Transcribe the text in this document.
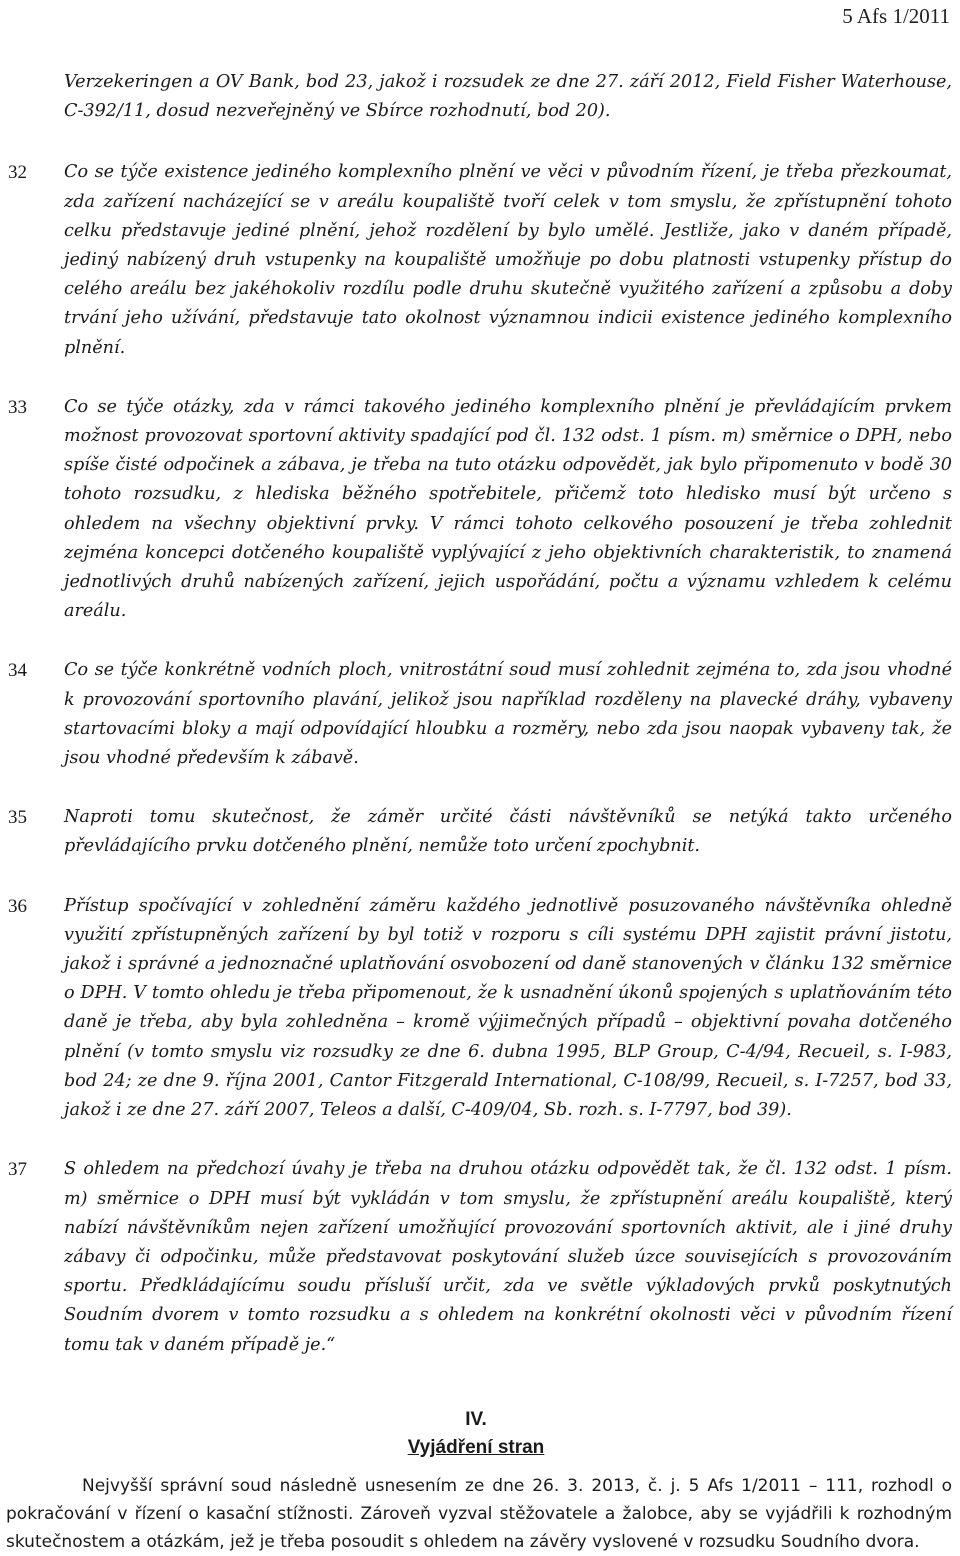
5 Afs 1/2011

Verzekeringen a OV Bank, bod 23, jakož i rozsudek ze dne 27. září 2012, Field Fisher Waterhouse, C-392/11, dosud nezveřejněný ve Sbírce rozhodnutí, bod 20).

32 Co se týče existence jediného komplexního plnění ve věci v původním řízení, je třeba přezkoumat, zda zařízení nacházející se v areálu koupaliště tvoří celek v tom smyslu, že zpřístupnění tohoto celku představuje jediné plnění, jehož rozdělení by bylo umělé. Jestliže, jako v daném případě, jediný nabízený druh vstupenky na koupaliště umožňuje po dobu platnosti vstupenky přístup do celého areálu bez jakéhokoliv rozdílu podle druhu skutečně využitého zařízení a způsobu a doby trvání jeho užívání, představuje tato okolnost významnou indicii existence jediného komplexního plnění.

33 Co se týče otázky, zda v rámci takového jediného komplexního plnění je převládajícím prvkem možnost provozovat sportovní aktivity spadající pod čl. 132 odst. 1 písm. m) směrnice o DPH, nebo spíše čisté odpočinek a zábava, je třeba na tuto otázku odpovědět, jak bylo připomenuto v bodě 30 tohoto rozsudku, z hlediska běžného spotřebitele, přičemž toto hledisko musí být určeno s ohledem na všechny objektivní prvky. V rámci tohoto celkového posouzení je třeba zohlednit zejména koncepci dotčeného koupaliště vyplývající z jeho objektivních charakteristik, to znamená jednotlivých druhů nabízených zařízení, jejich uspořádání, počtu a významu vzhledem k celému areálu.

34 Co se týče konkrétně vodních ploch, vnitrostátní soud musí zohlednit zejména to, zda jsou vhodné k provozování sportovního plavání, jelikož jsou například rozděleny na plavecké dráhy, vybaveny startovacími bloky a mají odpovídající hloubku a rozměry, nebo zda jsou naopak vybaveny tak, že jsou vhodné především k zábavě.

35 Naproti tomu skutečnost, že záměr určité části návštěvníků se netýká takto určeného převládajícího prvku dotčeného plnění, nemůže toto určení zpochybnit.

36 Přístup spočívající v zohlednění záměru každého jednotlivě posuzovaného návštěvníka ohledně využití zpřístupněných zařízení by byl totiž v rozporu s cíli systému DPH zajistit právní jistotu, jakož i správné a jednoznačné uplatňování osvobození od daně stanovených v článku 132 směrnice o DPH. V tomto ohledu je třeba připomenout, že k usnadnění úkonů spojených s uplatňováním této daně je třeba, aby byla zohledněna – kromě výjimečných případů – objektivní povaha dotčeného plnění (v tomto smyslu viz rozsudky ze dne 6. dubna 1995, BLP Group, C-4/94, Recueil, s. I-983, bod 24; ze dne 9. října 2001, Cantor Fitzgerald International, C-108/99, Recueil, s. I-7257, bod 33, jakož i ze dne 27. září 2007, Teleos a další, C-409/04, Sb. rozh. s. I-7797, bod 39).

37 S ohledem na předchozí úvahy je třeba na druhou otázku odpovědět tak, že čl. 132 odst. 1 písm. m) směrnice o DPH musí být vykládán v tom smyslu, že zpřístupnění areálu koupaliště, který nabízí návštěvníkům nejen zařízení umožňující provozování sportovních aktivit, ale i jiné druhy zábavy či odpočinku, může představovat poskytování služeb úzce souvisejících s provozováním sportu. Předkládajícímu soudu přísluší určit, zda ve světle výkladových prvků poskytnutých Soudním dvorem v tomto rozsudku a s ohledem na konkrétní okolnosti věci v původním řízení tomu tak v daném případě je.“

IV.
Vyjádření stran

Nejvyšší správní soud následně usnesením ze dne 26. 3. 2013, č. j. 5 Afs 1/2011 – 111, rozhodl o pokračování v řízení o kasační stížnosti. Zároveň vyzval stěžovatele a žalobce, aby se vyjádřili k rozhodným skutečnostem a otázkám, jež je třeba posoudit s ohledem na závěry vyslovené v rozsudku Soudního dvora.
